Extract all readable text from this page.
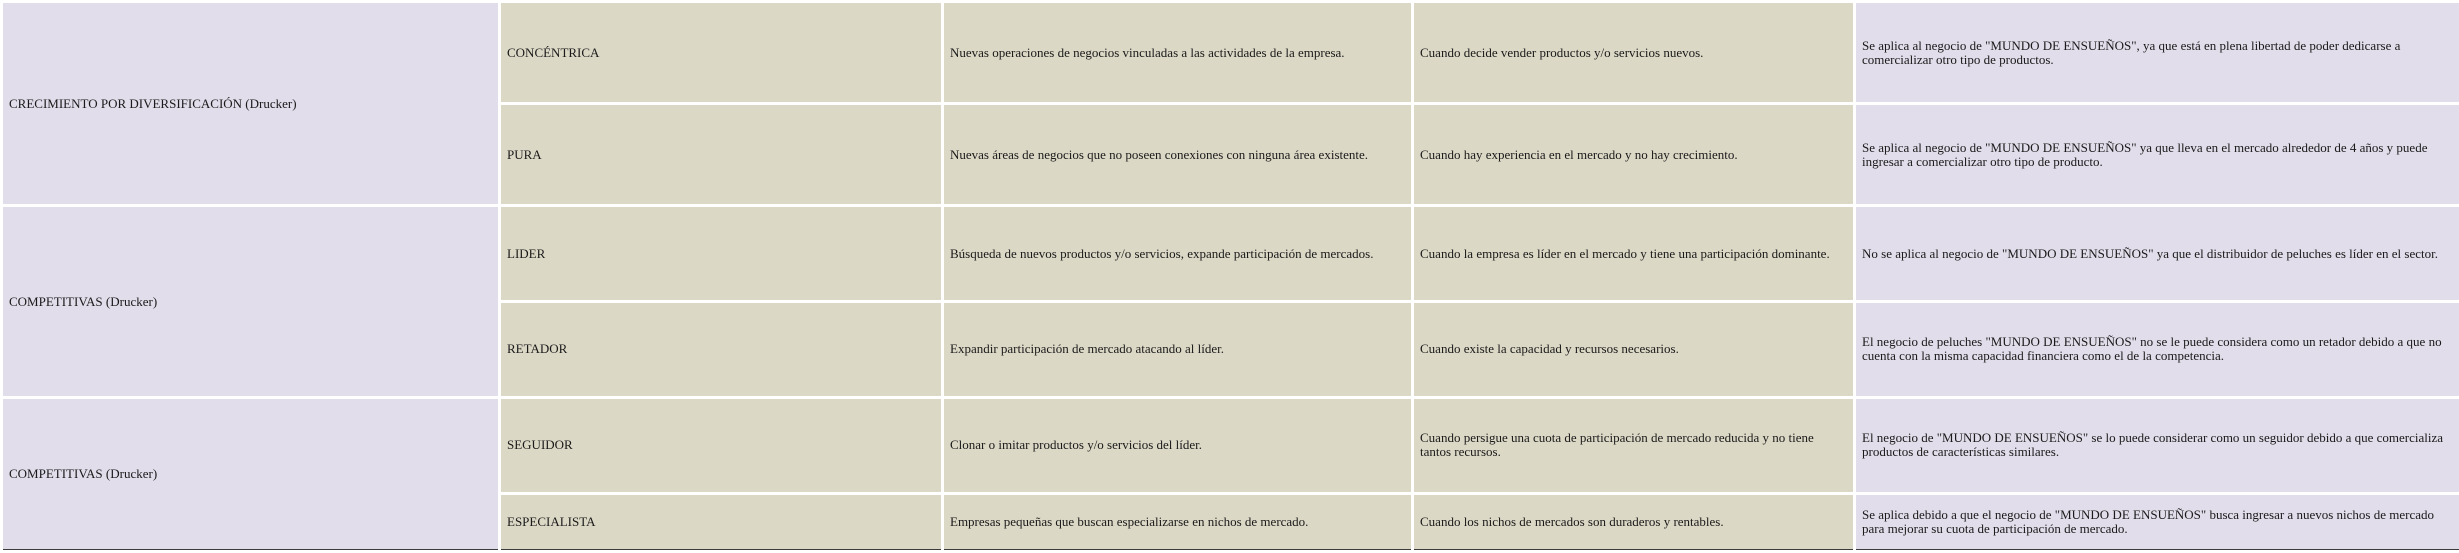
CRECIMIENTO POR DIVERSIFICACIÓN (Drucker)	CONCÉNTRICA	Nuevas operaciones de negocios vinculadas a las actividades de la empresa.	Cuando decide vender productos y/o servicios nuevos.	Se aplica al negocio de "MUNDO DE ENSUEÑOS", ya que está en plena libertad de poder dedicarse a comercializar otro tipo de productos.
	PURA	Nuevas áreas de negocios que no poseen conexiones con ninguna área existente.	Cuando hay experiencia en el mercado y no hay crecimiento.	Se aplica al negocio de "MUNDO DE ENSUEÑOS" ya que lleva en el mercado alrededor de 4 años y puede ingresar a comercializar otro tipo de producto.
COMPETITIVAS (Drucker)	LIDER	Búsqueda de nuevos productos y/o servicios, expande participación de mercados.	Cuando la empresa es líder en el mercado y tiene una participación dominante.	No se aplica al negocio de "MUNDO DE ENSUEÑOS" ya que el distribuidor de peluches es líder en el sector.
	RETADOR	Expandir participación de mercado atacando al líder.	Cuando existe la capacidad y recursos necesarios.	El negocio de peluches "MUNDO DE ENSUEÑOS" no se le puede considera como un retador debido a que no cuenta con la misma capacidad financiera como el de la competencia.
COMPETITIVAS (Drucker)	SEGUIDOR	Clonar o imitar productos y/o servicios del líder.	Cuando persigue una cuota de participación de mercado reducida y no tiene tantos recursos.	El negocio de "MUNDO DE ENSUEÑOS" se lo puede considerar como un seguidor debido a que comercializa productos de características similares.
	ESPECIALISTA	Empresas pequeñas que buscan especializarse en nichos de mercado.	Cuando los nichos de mercados son duraderos y rentables.	Se aplica debido a que el negocio de "MUNDO DE ENSUEÑOS" busca ingresar a nuevos nichos de mercado para mejorar su cuota de participación de mercado.
